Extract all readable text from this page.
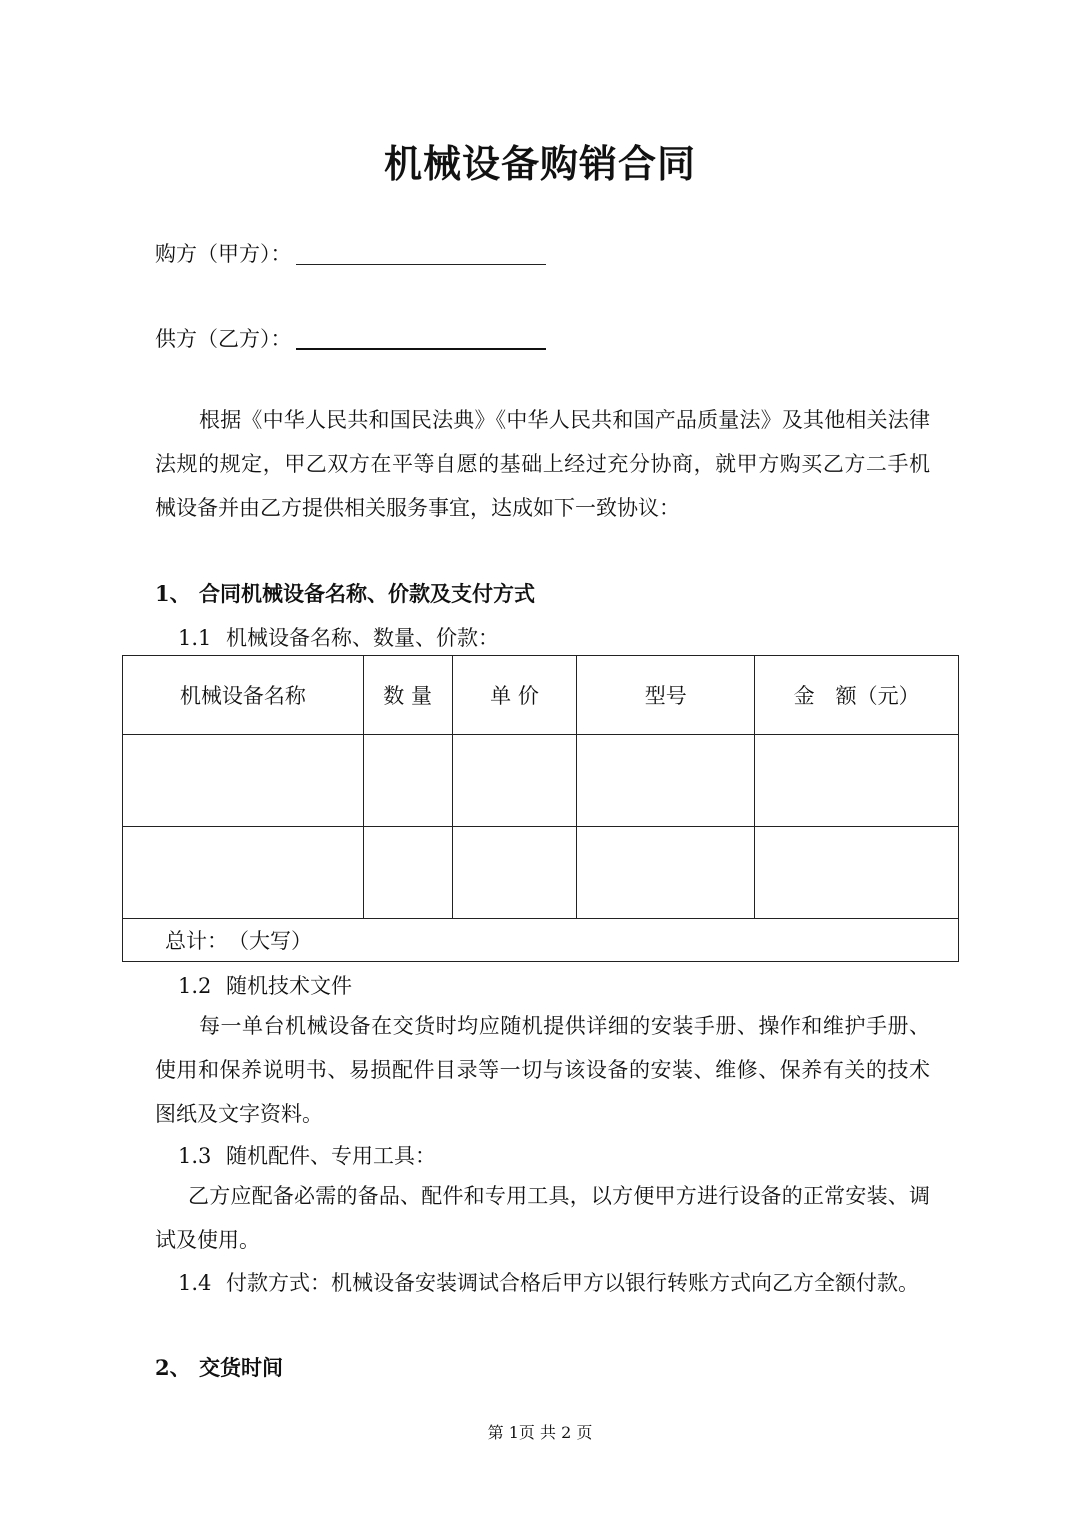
机械设备购销合同
购方（甲方）：
供方（乙方）：
根据《中华人民共和国民法典》《中华人民共和国产品质量法》及其他相关法律法规的规定，甲乙双方在平等自愿的基础上经过充分协商，就甲方购买乙方二手机械设备并由乙方提供相关服务事宜，达成如下一致协议：
1、 合同机械设备名称、价款及支付方式
1.1 机械设备名称、数量、价款：
机械设备名称	数 量	单 价	型号	金　额（元）

总计：　（大写）				
1.2 随机技术文件
每一单台机械设备在交货时均应随机提供详细的安装手册、操作和维护手册、使用和保养说明书、易损配件目录等一切与该设备的安装、维修、保养有关的技术图纸及文字资料。
1.3 随机配件、专用工具：
乙方应配备必需的备品、配件和专用工具，以方便甲方进行设备的正常安装、调试及使用。
1.4 付款方式：机械设备安装调试合格后甲方以银行转账方式向乙方全额付款。
2、 交货时间
第 1页 共 2 页
